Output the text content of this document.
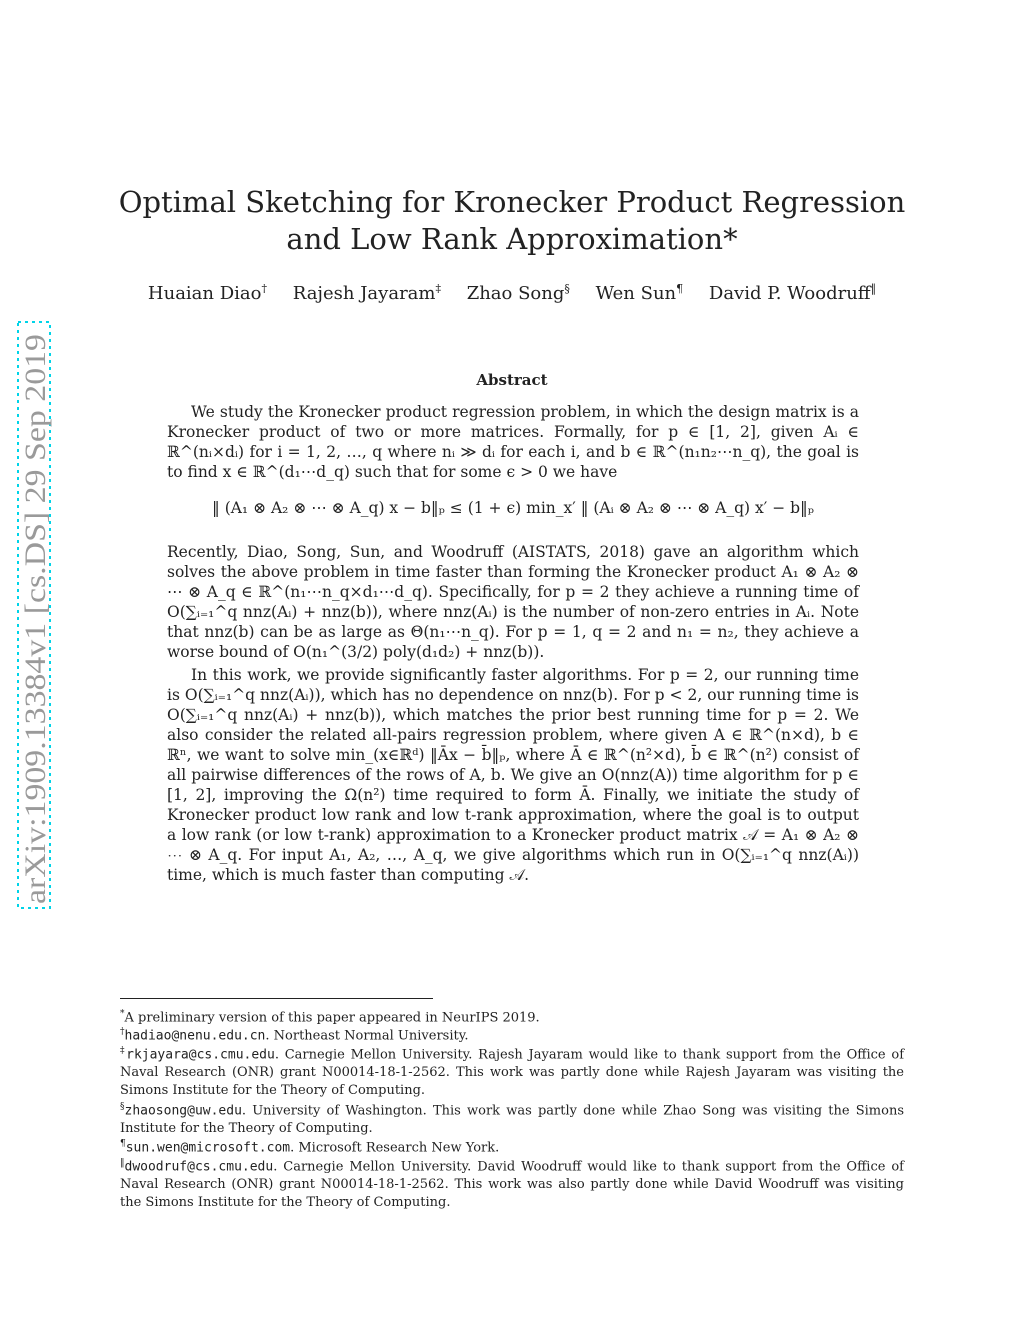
arXiv:1909.13384v1 [cs.DS] 29 Sep 2019
Optimal Sketching for Kronecker Product Regression
and Low Rank Approximation*
Huaian Diao† Rajesh Jayaram‡ Zhao Song§ Wen Sun¶ David P. Woodruff‖
Abstract
We study the Kronecker product regression problem, in which the design matrix is a Kronecker product of two or more matrices. Formally, for p ∈ [1, 2], given Aᵢ ∈ ℝ^(nᵢ×dᵢ) for i = 1, 2, …, q where nᵢ ≫ dᵢ for each i, and b ∈ ℝ^(n₁n₂⋯n_q), the goal is to find x ∈ ℝ^(d₁⋯d_q) such that for some ϵ > 0 we have
‖ (A₁ ⊗ A₂ ⊗ ⋯ ⊗ A_q) x − b‖ₚ ≤ (1 + ϵ) min_x′ ‖ (Aᵢ ⊗ A₂ ⊗ ⋯ ⊗ A_q) x′ − b‖ₚ
Recently, Diao, Song, Sun, and Woodruff (AISTATS, 2018) gave an algorithm which solves the above problem in time faster than forming the Kronecker product A₁ ⊗ A₂ ⊗ ⋯ ⊗ A_q ∈ ℝ^(n₁⋯n_q×d₁⋯d_q). Specifically, for p = 2 they achieve a running time of O(∑ᵢ₌₁^q nnz(Aᵢ) + nnz(b)), where nnz(Aᵢ) is the number of non-zero entries in Aᵢ. Note that nnz(b) can be as large as Θ(n₁⋯n_q). For p = 1, q = 2 and n₁ = n₂, they achieve a worse bound of O(n₁^(3/2) poly(d₁d₂) + nnz(b)).
In this work, we provide significantly faster algorithms. For p = 2, our running time is O(∑ᵢ₌₁^q nnz(Aᵢ)), which has no dependence on nnz(b). For p < 2, our running time is O(∑ᵢ₌₁^q nnz(Aᵢ) + nnz(b)), which matches the prior best running time for p = 2. We also consider the related all-pairs regression problem, where given A ∈ ℝ^(n×d), b ∈ ℝⁿ, we want to solve min_(x∈ℝᵈ) ‖Āx − b̄‖ₚ, where Ā ∈ ℝ^(n²×d), b̄ ∈ ℝ^(n²) consist of all pairwise differences of the rows of A, b. We give an O(nnz(A)) time algorithm for p ∈ [1, 2], improving the Ω(n²) time required to form Ā. Finally, we initiate the study of Kronecker product low rank and low t-rank approximation, where the goal is to output a low rank (or low t-rank) approximation to a Kronecker product matrix 𝒜 = A₁ ⊗ A₂ ⊗ ⋯ ⊗ A_q. For input A₁, A₂, …, A_q, we give algorithms which run in O(∑ᵢ₌₁^q nnz(Aᵢ)) time, which is much faster than computing 𝒜.
*A preliminary version of this paper appeared in NeurIPS 2019.
†hadiao@nenu.edu.cn. Northeast Normal University.
‡rkjayara@cs.cmu.edu. Carnegie Mellon University. Rajesh Jayaram would like to thank support from the Office of Naval Research (ONR) grant N00014-18-1-2562. This work was partly done while Rajesh Jayaram was visiting the Simons Institute for the Theory of Computing.
§zhaosong@uw.edu. University of Washington. This work was partly done while Zhao Song was visiting the Simons Institute for the Theory of Computing.
¶sun.wen@microsoft.com. Microsoft Research New York.
‖dwoodruf@cs.cmu.edu. Carnegie Mellon University. David Woodruff would like to thank support from the Office of Naval Research (ONR) grant N00014-18-1-2562. This work was also partly done while David Woodruff was visiting the Simons Institute for the Theory of Computing.
